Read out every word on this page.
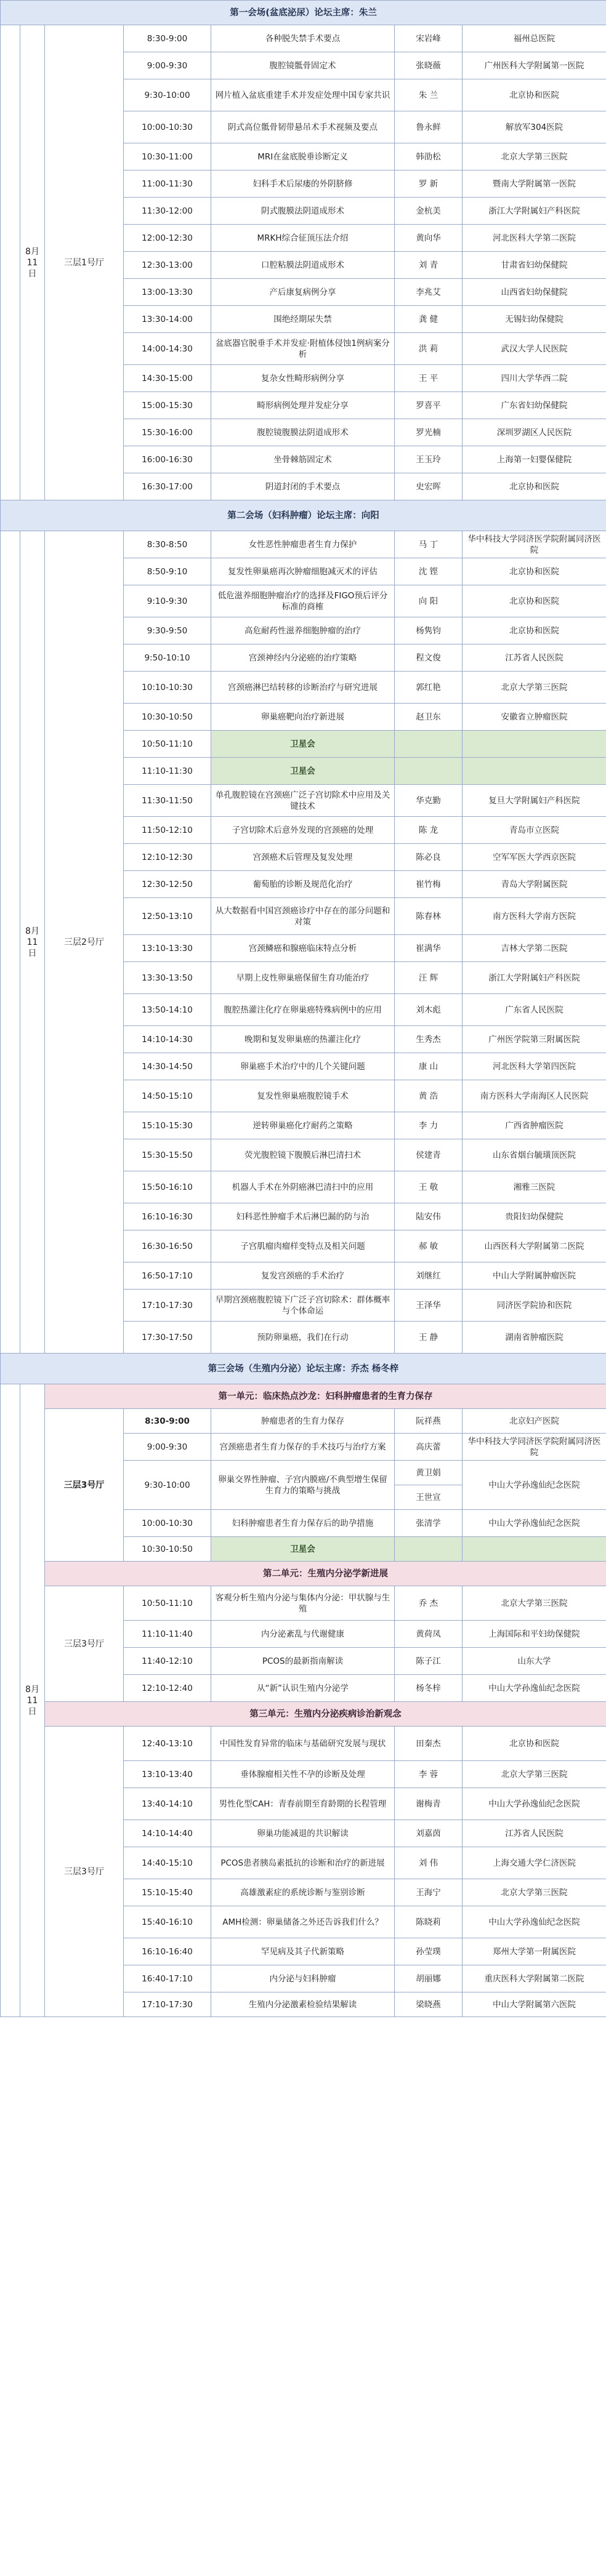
第一会场(盆底泌尿）论坛主席：朱兰						
	8月11日	三层1号厅	8:30-9:00	各种脱失禁手术要点	宋岩峰	福州总医院
			9:00-9:30	腹腔镜骶骨固定术	张晓薇	广州医科大学附属第一医院
			9:30-10:00	网片植入盆底重建手术并发症处理中国专家共识	朱 兰	北京协和医院
			10:00-10:30	阴式高位骶骨韧带悬吊术手术视频及要点	鲁永鲜	解放军304医院
			10:30-11:00	MRI在盆底脱垂诊断定义	韩劭松	北京大学第三医院
			11:00-11:30	妇科手术后尿瘘的外阴脐修	罗 新	暨南大学附属第一医院
			11:30-12:00	阴式腹膜法阴道成形术	金杭美	浙江大学附属妇产科医院
			12:00-12:30	MRKH综合征顶压法介绍	黄向华	河北医科大学第二医院
			12:30-13:00	口腔粘膜法阴道成形术	刘 青	甘肃省妇幼保健院
			13:00-13:30	产后康复病例分享	李兆艾	山西省妇幼保健院
			13:30-14:00	围绝经期尿失禁	龚 健	无锡妇幼保健院
			14:00-14:30	盆底器官脱垂手术并发症·附植体侵蚀1例病案分析	洪 莉	武汉大学人民医院
			14:30-15:00	复杂女性畸形病例分享	王 平	四川大学华西二院
			15:00-15:30	畸形病例处理并发症分享	罗喜平	广东省妇幼保健院
			15:30-16:00	腹腔镜腹膜法阴道成形术	罗光楠	深圳罗湖区人民医院
			16:00-16:30	坐骨棘筋固定术	王玉玲	上海第一妇婴保健院
			16:30-17:00	阴道封闭的手术要点	史宏晖	北京协和医院
第二会场（妇科肿瘤）论坛主席：向阳						
	8月11日	三层2号厅	8:30-8:50	女性恶性肿瘤患者生育力保护	马 丁	华中科技大学同济医学院附属同济医院
			8:50-9:10	复发性卵巢癌再次肿瘤细胞减灭术的评估	沈 铿	北京协和医院
			9:10-9:30	低危滋养细胞肿瘤治疗的选择及FIGO预后评分标准的商榷	向 阳	北京协和医院
			9:30-9:50	高危耐药性滋养细胞肿瘤的治疗	杨隽钧	北京协和医院
			9:50-10:10	宫颈神经内分泌癌的治疗策略	程文俊	江苏省人民医院
			10:10-10:30	宫颈癌淋巴结转移的诊断治疗与研究进展	郭红艳	北京大学第三医院
			10:30-10:50	卵巢癌靶向治疗新进展	赵卫东	安徽省立肿瘤医院
			10:50-11:10	卫星会		
			11:10-11:30	卫星会		
			11:30-11:50	单孔腹腔镜在宫颈癌广泛子宫切除术中应用及关键技术	华克勤	复旦大学附属妇产科医院
			11:50-12:10	子宫切除术后意外发现的宫颈癌的处理	陈 龙	青岛市立医院
			12:10-12:30	宫颈癌术后管理及复发处理	陈必良	空军军医大学西京医院
			12:30-12:50	葡萄胎的诊断及规范化治疗	崔竹梅	青岛大学附属医院
			12:50-13:10	从大数据看中国宫颈癌诊疗中存在的部分问题和对策	陈春林	南方医科大学南方医院
			13:10-13:30	宫颈鳞癌和腺癌临床特点分析	崔满华	吉林大学第二医院
			13:30-13:50	早期上皮性卵巢癌保留生育功能治疗	汪 辉	浙江大学附属妇产科医院
			13:50-14:10	腹腔热灌注化疗在卵巢癌特殊病例中的应用	刘木彪	广东省人民医院
			14:10-14:30	晚期和复发卵巢癌的热灌注化疗	生秀杰	广州医学院第三附属医院
			14:30-14:50	卵巢癌手术治疗中的几个关键问题	康 山	河北医科大学第四医院
			14:50-15:10	复发性卵巢癌腹腔镜手术	黄 浩	南方医科大学南海区人民医院
			15:10-15:30	逆转卵巢癌化疗耐药之策略	李 力	广西省肿瘤医院
			15:30-15:50	荧光腹腔镜下腹膜后淋巴清扫术	侯建青	山东省烟台毓璜顶医院
			15:50-16:10	机器人手术在外阴癌淋巴清扫中的应用	王 敬	湘雅三医院
			16:10-16:30	妇科恶性肿瘤手术后淋巴漏的防与治	陆安伟	贵阳妇幼保健院
			16:30-16:50	子宫肌瘤肉瘤样变特点及相关问题	郝 敏	山西医科大学附属第二医院
			16:50-17:10	复发宫颈癌的手术治疗	刘继红	中山大学附属肿瘤医院
			17:10-17:30	早期宫颈癌腹腔镜下广泛子宫切除术：群体概率与个体命运	王泽华	同济医学院协和医院
			17:30-17:50	预防卵巢癌，我们在行动	王 静	湖南省肿瘤医院
第三会场（生殖内分泌）论坛主席：乔杰 杨冬梓						
	8月11日	第一单元：临床热点沙龙：妇科肿瘤患者的生育力保存				
		三层3号厅	8:30-9:00	肿瘤患者的生育力保存	阮祥燕	北京妇产医院
			9:00-9:30	宫颈癌患者生育力保存的手术技巧与治疗方案	高庆蕾	华中科技大学同济医学院附属同济医院
			9:30-10:00	卵巢交界性肿瘤、子宫内膜癌/不典型增生保留生育力的策略与挑战	黄卫娟	中山大学孙逸仙纪念医院
					王世宣	
			10:00-10:30	妇科肿瘤患者生育力保存后的助孕措施	张清学	中山大学孙逸仙纪念医院
			10:30-10:50	卫星会		
		第二单元：生殖内分泌学新进展				
		三层3号厅	10:50-11:10	客观分析生殖内分泌与集体内分泌：甲状腺与生殖	乔 杰	北京大学第三医院
			11:10-11:40	内分泌紊乱与代谢健康	黄荷凤	上海国际和平妇幼保健院
			11:40-12:10	PCOS的最新指南解读	陈子江	山东大学
			12:10-12:40	从“新”认识生殖内分泌学	杨冬梓	中山大学孙逸仙纪念医院
		第三单元：生殖内分泌疾病诊治新观念				
		三层3号厅	12:40-13:10	中国性发育异常的临床与基础研究发展与现状	田秦杰	北京协和医院
			13:10-13:40	垂体腺瘤相关性不孕的诊断及处理	李 蓉	北京大学第三医院
			13:40-14:10	男性化型CAH：青春前期至育龄期的长程管理	谢梅青	中山大学孙逸仙纪念医院
			14:10-14:40	卵巢功能减退的共识解读	刘嘉茵	江苏省人民医院
			14:40-15:10	PCOS患者胰岛素抵抗的诊断和治疗的新进展	刘 伟	上海交通大学仁济医院
			15:10-15:40	高雄激素症的系统诊断与鉴别诊断	王海宁	北京大学第三医院
			15:40-16:10	AMH检测：卵巢储备之外还告诉我们什么？	陈晓莉	中山大学孙逸仙纪念医院
			16:10-16:40	罕见病及其子代新策略	孙莹璞	郑州大学第一附属医院
			16:40-17:10	内分泌与妇科肿瘤	胡丽娜	重庆医科大学附属第二医院
			17:10-17:30	生殖内分泌激素检验结果解读	梁晓燕	中山大学附属第六医院
